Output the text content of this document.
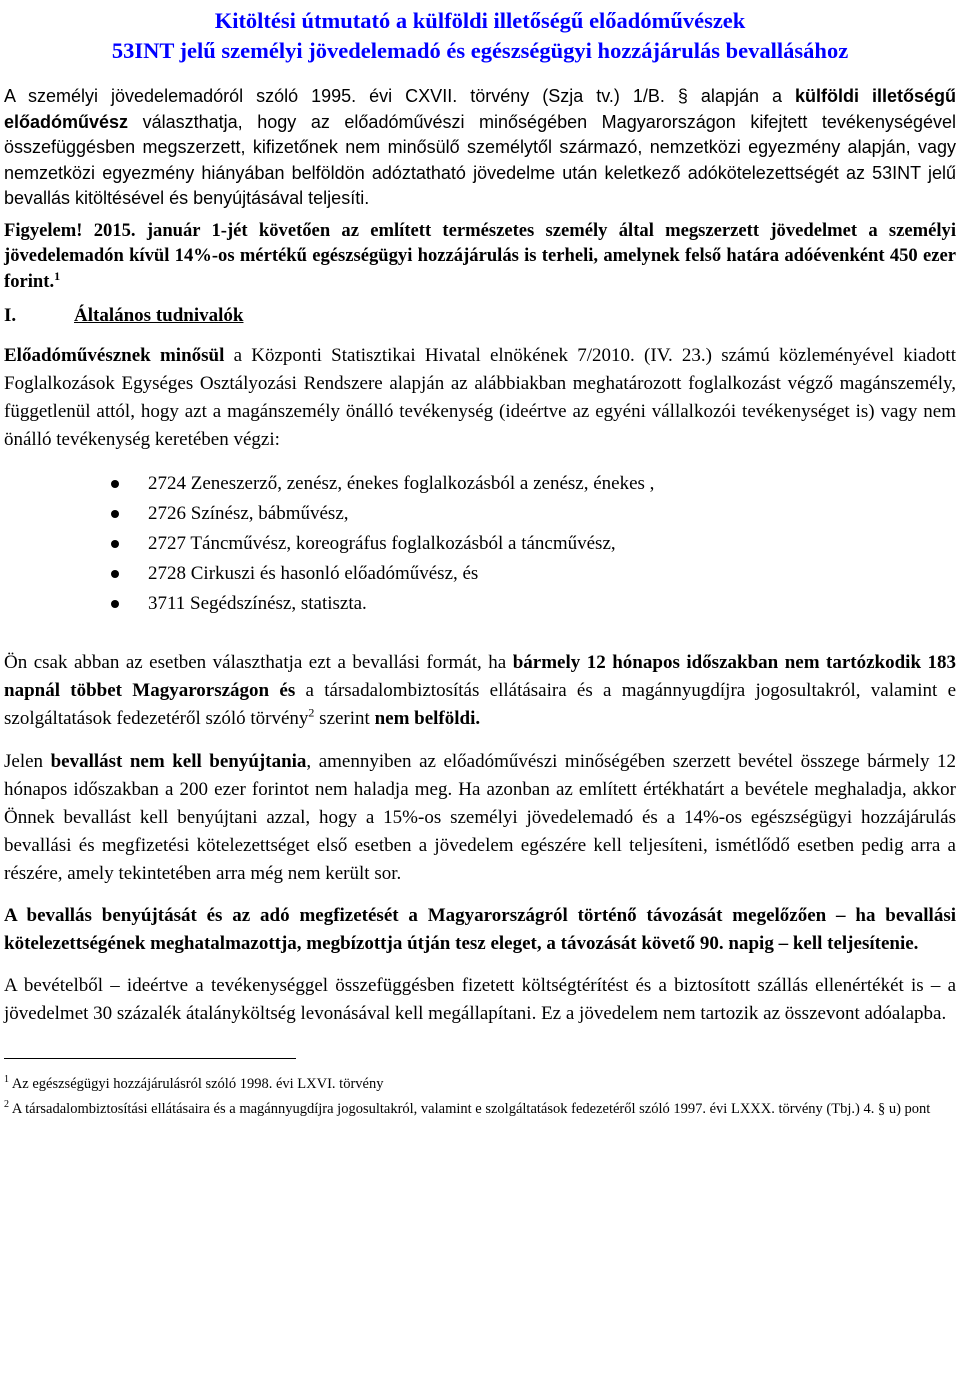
Kitöltési útmutató a külföldi illetőségű előadóművészek
53INT jelű személyi jövedelemadó és egészségügyi hozzájárulás bevallásához

A személyi jövedelemadóról szóló 1995. évi CXVII. törvény (Szja tv.) 1/B. § alapján a külföldi illetőségű előadóművész választhatja, hogy az előadóművészi minőségében Magyarországon kifejtett tevékenységével összefüggésben megszerzett, kifizetőnek nem minősülő személytől származó, nemzetközi egyezmény alapján, vagy nemzetközi egyezmény hiányában belföldön adóztatható jövedelme után keletkező adókötelezettségét az 53INT jelű bevallás kitöltésével és benyújtásával teljesíti.

Figyelem! 2015. január 1-jét követően az említett természetes személy által megszerzett jövedelmet a személyi jövedelemadón kívül 14%-os mértékű egészségügyi hozzájárulás is terheli, amelynek felső határa adóévenként 450 ezer forint.$^1$

I.	Általános tudnivalók

Előadóművésznek minősül a Központi Statisztikai Hivatal elnökének 7/2010. (IV. 23.) számú közleményével kiadott Foglalkozások Egységes Osztályozási Rendszere alapján az alábbiakban meghatározott foglalkozást végző magánszemély, függetlenül attól, hogy azt a magánszemély önálló tevékenység (ideértve az egyéni vállalkozói tevékenységet is) vagy nem önálló tevékenység keretében végzi:

2724 Zeneszerző, zenész, énekes foglalkozásból a zenész, énekes ,
2726 Színész, bábművész,
2727 Táncművész, koreográfus foglalkozásból a táncművész,
2728 Cirkuszi és hasonló előadóművész, és
3711 Segédszínész, statiszta.

Ön csak abban az esetben választhatja ezt a bevallási formát, ha bármely 12 hónapos időszakban nem tartózkodik 183 napnál többet Magyarországon és a társadalombiztosítás ellátásaira és a magánnyugdíjra jogosultakról, valamint e szolgáltatások fedezetéről szóló törvény$^2$ szerint nem belföldi.

Jelen bevallást nem kell benyújtania, amennyiben az előadóművészi minőségében szerzett bevétel összege bármely 12 hónapos időszakban a 200 ezer forintot nem haladja meg. Ha azonban az említett értékhatárt a bevétele meghaladja, akkor Önnek bevallást kell benyújtani azzal, hogy a 15%-os személyi jövedelemadó és a 14%-os egészségügyi hozzájárulás bevallási és megfizetési kötelezettséget első esetben a jövedelem egészére kell teljesíteni, ismétlődő esetben pedig arra a részére, amely tekintetében arra még nem került sor.

A bevallás benyújtását és az adó megfizetését a Magyarországról történő távozását megelőzően – ha bevallási kötelezettségének meghatalmazottja, megbízottja útján tesz eleget, a távozását követő 90. napig – kell teljesítenie.

A bevételből – ideértve a tevékenységgel összefüggésben fizetett költségtérítést és a biztosított szállás ellenértékét is – a jövedelmet 30 százalék átalányköltség levonásával kell megállapítani. Ez a jövedelem nem tartozik az összevont adóalapba.

$^1$ Az egészségügyi hozzájárulásról szóló 1998. évi LXVI. törvény

$^2$ A társadalombiztosítási ellátásaira és a magánnyugdíjra jogosultakról, valamint e szolgáltatások fedezetéről szóló 1997. évi LXXX. törvény (Tbj.) 4. § u) pont
